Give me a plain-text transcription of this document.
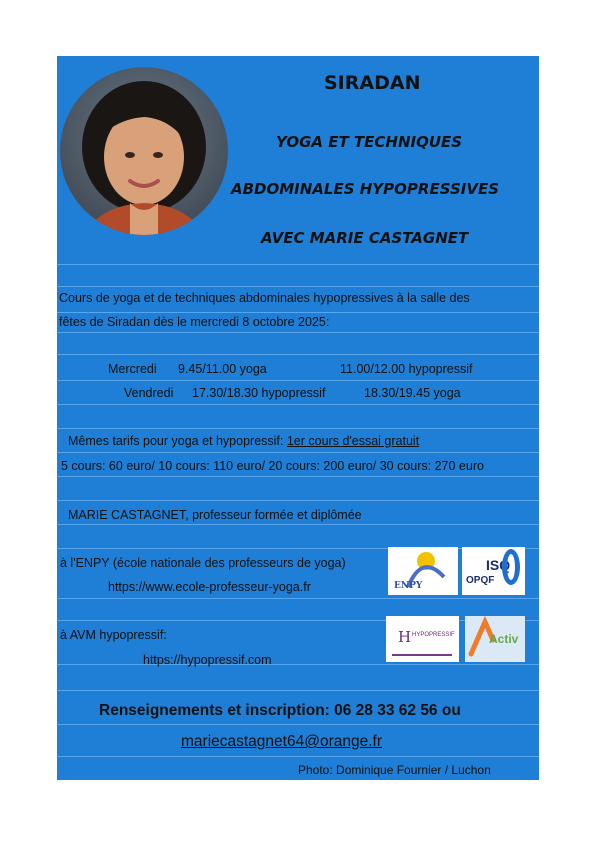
SIRADAN
YOGA ET TECHNIQUES
ABDOMINALES HYPOPRESSIVES
AVEC MARIE CASTAGNET
Cours de yoga et de techniques abdominales hypopressives à la salle des
fêtes de Siradan dès le mercredi 8 octobre 2025:
Mercredi 9.45/11.00 yoga	11.00/12.00 hypopressif
Vendredi 17.30/18.30 hypopressif	18.30/19.45 yoga
Mêmes tarifs pour yoga et hypopressif: 1er cours d'essai gratuit
5 cours: 60 euro/ 10 cours: 110 euro/ 20 cours: 200 euro/ 30 cours: 270 euro
MARIE CASTAGNET, professeur formée et diplômée
à l'ENPY (école nationale des professeurs de yoga)
https://www.ecole-professeur-yoga.fr	ENPY
ISQ
OPQF
à AVM hypopressif:
https://hypopressif.com
H HYPOPRESSIF	Activ
Renseignements et inscription: 06 28 33 62 56 ou
mariecastagnet64@orange.fr
Photo: Dominique Fournier / Luchon
